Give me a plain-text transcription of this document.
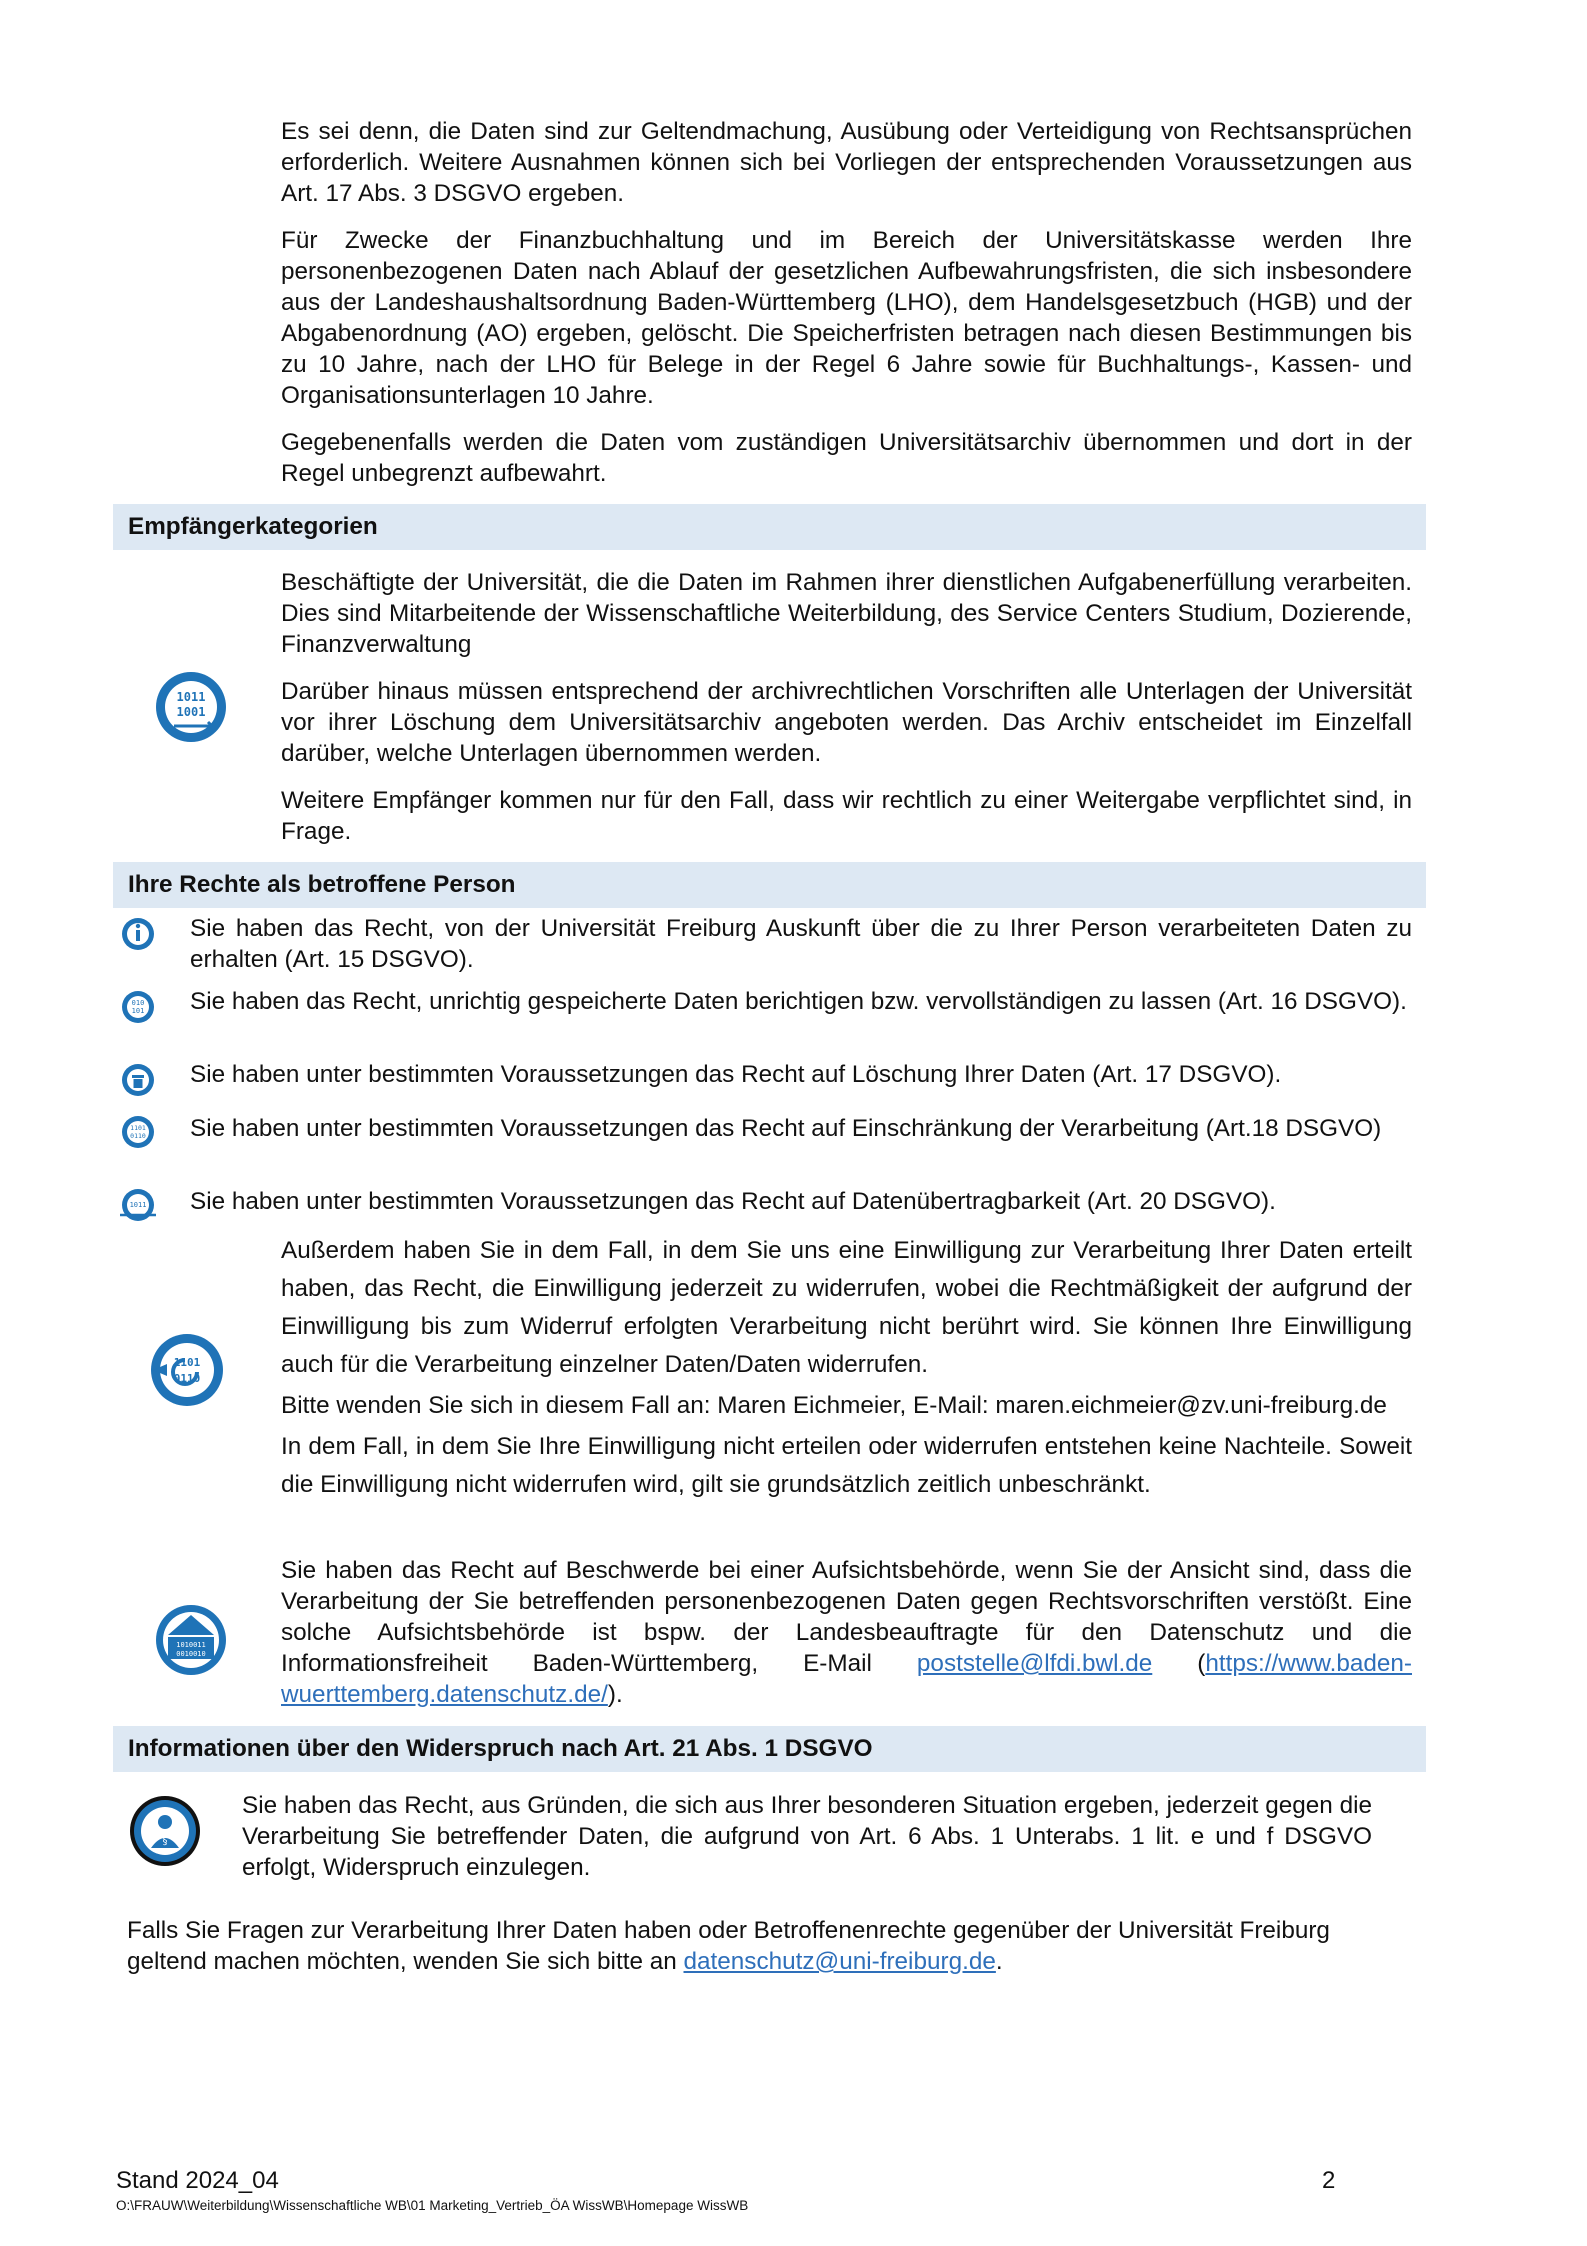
Es sei denn, die Daten sind zur Geltendmachung, Ausübung oder Verteidigung von Rechtsansprüchen erforderlich. Weitere Ausnahmen können sich bei Vorliegen der entsprechenden Voraussetzungen aus Art. 17 Abs. 3 DSGVO ergeben.

Für Zwecke der Finanzbuchhaltung und im Bereich der Universitätskasse werden Ihre personenbezogenen Daten nach Ablauf der gesetzlichen Aufbewahrungsfristen, die sich insbesondere aus der Landeshaushaltsordnung Baden-Württemberg (LHO), dem Handelsgesetzbuch (HGB) und der Abgabenordnung (AO) ergeben, gelöscht. Die Speicherfristen betragen nach diesen Bestimmungen bis zu 10 Jahre, nach der LHO für Belege in der Regel 6 Jahre sowie für Buchhaltungs-, Kassen- und Organisationsunterlagen 10 Jahre.

Gegebenenfalls werden die Daten vom zuständigen Universitätsarchiv übernommen und dort in der Regel unbegrenzt aufbewahrt.

Empfängerkategorien
1011
1001

Beschäftigte der Universität, die die Daten im Rahmen ihrer dienstlichen Aufgabenerfüllung verarbeiten. Dies sind Mitarbeitende der Wissenschaftliche Weiterbildung, des Service Centers Studium, Dozierende, Finanzverwaltung

Darüber hinaus müssen entsprechend der archivrechtlichen Vorschriften alle Unterlagen der Universität vor ihrer Löschung dem Universitätsarchiv angeboten werden. Das Archiv entscheidet im Einzelfall darüber, welche Unterlagen übernommen werden.

Weitere Empfänger kommen nur für den Fall, dass wir rechtlich zu einer Weitergabe verpflichtet sind, in Frage.

Ihre Rechte als betroffene Person

Sie haben das Recht, von der Universität Freiburg Auskunft über die zu Ihrer Person verarbeiteten Daten zu erhalten (Art. 15 DSGVO).

010
101 Sie haben das Recht, unrichtig gespeicherte Daten berichtigen bzw. vervollständigen zu lassen (Art. 16 DSGVO).

Sie haben unter bestimmten Voraussetzungen das Recht auf Löschung Ihrer Daten (Art. 17 DSGVO).

1101
0110 Sie haben unter bestimmten Voraussetzungen das Recht auf Einschränkung der Verarbeitung (Art.18 DSGVO)

1011 Sie haben unter bestimmten Voraussetzungen das Recht auf Datenübertragbarkeit (Art. 20 DSGVO).

1101
0110

Außerdem haben Sie in dem Fall, in dem Sie uns eine Einwilligung zur Verarbeitung Ihrer Daten erteilt haben, das Recht, die Einwilligung jederzeit zu widerrufen, wobei die Rechtmäßigkeit der aufgrund der Einwilligung bis zum Widerruf erfolgten Verarbeitung nicht berührt wird. Sie können Ihre Einwilligung auch für die Verarbeitung einzelner Daten/Daten widerrufen.

Bitte wenden Sie sich in diesem Fall an: Maren Eichmeier, E-Mail: maren.eichmeier@zv.uni-freiburg.de

In dem Fall, in dem Sie Ihre Einwilligung nicht erteilen oder widerrufen entstehen keine Nachteile. Soweit die Einwilligung nicht widerrufen wird, gilt sie grundsätzlich zeitlich unbeschränkt.

1010011
0010010

Sie haben das Recht auf Beschwerde bei einer Aufsichtsbehörde, wenn Sie der Ansicht sind, dass die Verarbeitung der Sie betreffenden personenbezogenen Daten gegen Rechtsvorschriften verstößt. Eine solche Aufsichtsbehörde ist bspw. der Landesbeauftragte für den Datenschutz und die Informationsfreiheit Baden-Württemberg, E-Mail poststelle@lfdi.bwl.de (https://www.baden-wuerttemberg.datenschutz.de/).

Informationen über den Widerspruch nach Art. 21 Abs. 1 DSGVO
§

Sie haben das Recht, aus Gründen, die sich aus Ihrer besonderen Situation ergeben, jederzeit gegen die Verarbeitung Sie betreffender Daten, die aufgrund von Art. 6 Abs. 1 Unterabs. 1 lit. e und f DSGVO erfolgt, Widerspruch einzulegen.

Falls Sie Fragen zur Verarbeitung Ihrer Daten haben oder Betroffenenrechte gegenüber der Universität Freiburg geltend machen möchten, wenden Sie sich bitte an datenschutz@uni-freiburg.de.

Stand 2024_04	2
O:\FRAUW\Weiterbildung\Wissenschaftliche WB\01 Marketing_Vertrieb_ÖA WissWB\Homepage WissWB
